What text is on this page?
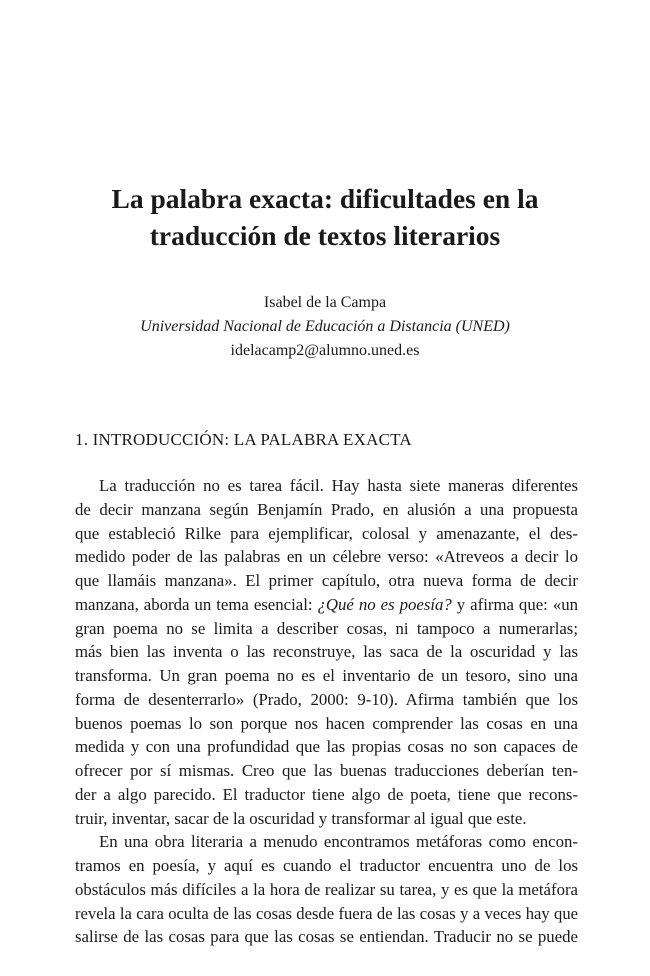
La palabra exacta: dificultades en la
traducción de textos literarios
Isabel de la Campa
Universidad Nacional de Educación a Distancia (UNED)
idelacamp2@alumno.uned.es
1. INTRODUCCIÓN: LA PALABRA EXACTA
La traducción no es tarea fácil. Hay hasta siete maneras diferentes
de decir manzana según Benjamín Prado, en alusión a una propuesta
que estableció Rilke para ejemplificar, colosal y amenazante, el des-
medido poder de las palabras en un célebre verso: «Atreveos a decir lo
que llamáis manzana». El primer capítulo, otra nueva forma de decir
manzana, aborda un tema esencial: ¿Qué no es poesía? y afirma que: «un
gran poema no se limita a describer cosas, ni tampoco a numerarlas;
más bien las inventa o las reconstruye, las saca de la oscuridad y las
transforma. Un gran poema no es el inventario de un tesoro, sino una
forma de desenterrarlo» (Prado, 2000: 9-10). Afirma también que los
buenos poemas lo son porque nos hacen comprender las cosas en una
medida y con una profundidad que las propias cosas no son capaces de
ofrecer por sí mismas. Creo que las buenas traducciones deberían ten-
der a algo parecido. El traductor tiene algo de poeta, tiene que recons-
truir, inventar, sacar de la oscuridad y transformar al igual que este.
En una obra literaria a menudo encontramos metáforas como encon-
tramos en poesía, y aquí es cuando el traductor encuentra uno de los
obstáculos más difíciles a la hora de realizar su tarea, y es que la metáfora
revela la cara oculta de las cosas desde fuera de las cosas y a veces hay que
salirse de las cosas para que las cosas se entiendan. Traducir no se puede
